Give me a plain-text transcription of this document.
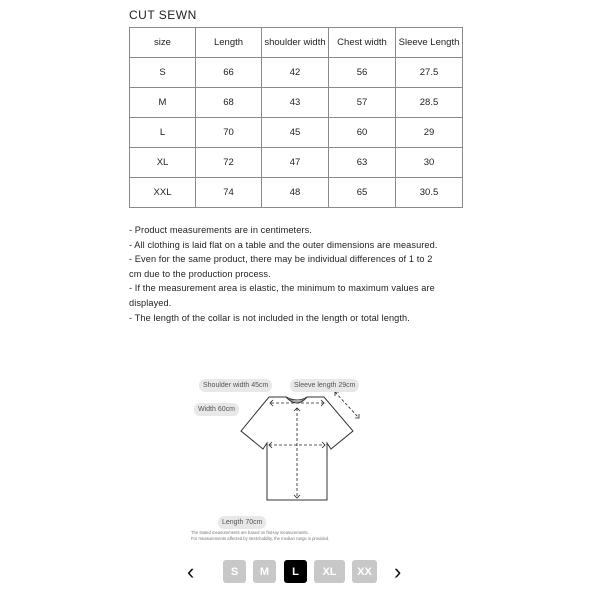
CUT SEWN
size	Length	shoulder width	Chest width	Sleeve Length
S	66	42	56	27.5
M	68	43	57	28.5
L	70	45	60	29
XL	72	47	63	30
XXL	74	48	65	30.5
- Product measurements are in centimeters.
- All clothing is laid flat on a table and the outer dimensions are measured.
- Even for the same product, there may be individual differences of 1 to 2
cm due to the production process.
- If the measurement area is elastic, the minimum to maximum values are
displayed.
- The length of the collar is not included in the length or total length.
Shoulder width 45cm	Sleeve length 29cm
Width 60cm
Length 70cm
The stated measurements are based on flat-lay measurements.
For measurements affected by stretchability, the median range is provided.
‹	S	M	L	XL	XX ›
